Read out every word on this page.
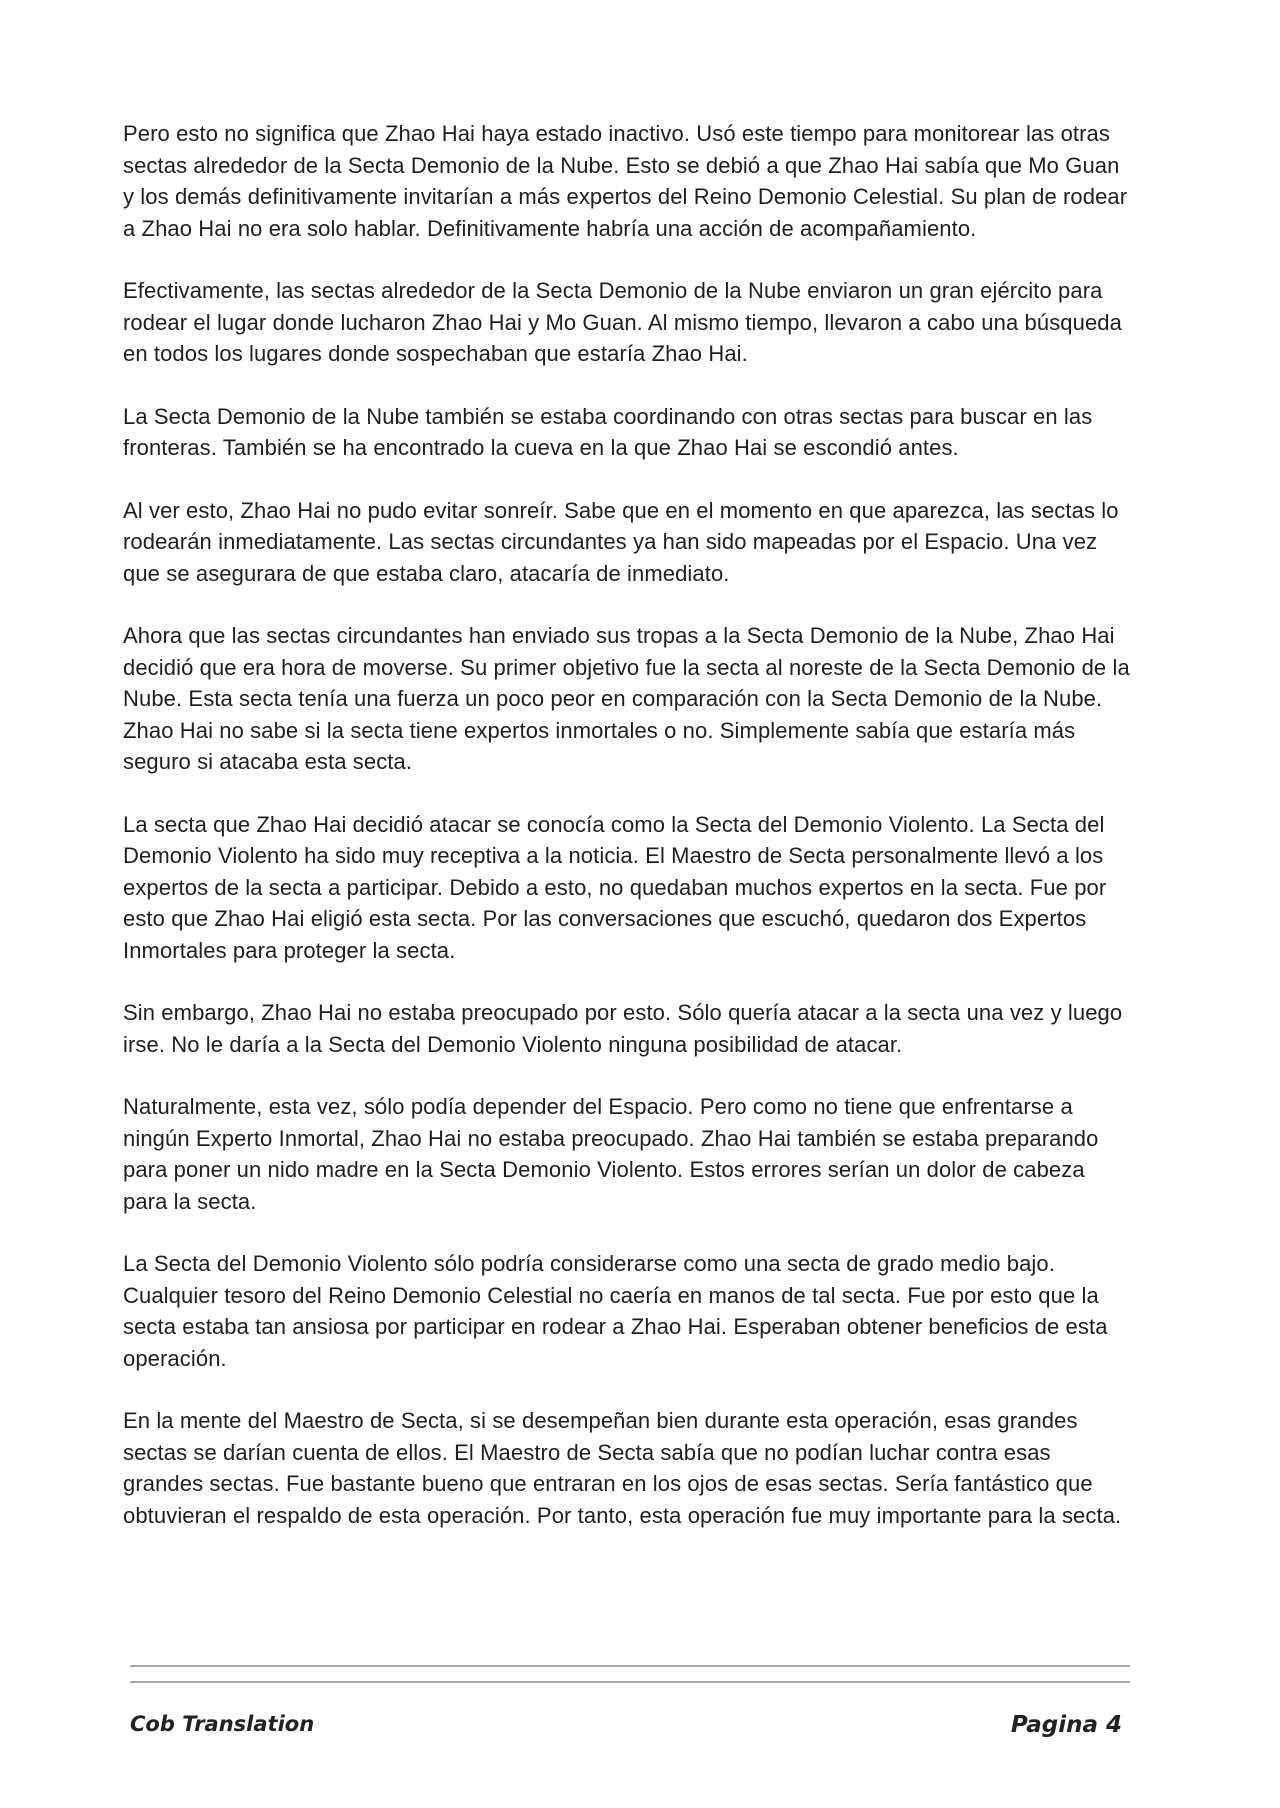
Pero esto no significa que Zhao Hai haya estado inactivo. Usó este tiempo para monitorear las otras sectas alrededor de la Secta Demonio de la Nube. Esto se debió a que Zhao Hai sabía que Mo Guan y los demás definitivamente invitarían a más expertos del Reino Demonio Celestial. Su plan de rodear a Zhao Hai no era solo hablar. Definitivamente habría una acción de acompañamiento.

Efectivamente, las sectas alrededor de la Secta Demonio de la Nube enviaron un gran ejército para rodear el lugar donde lucharon Zhao Hai y Mo Guan. Al mismo tiempo, llevaron a cabo una búsqueda en todos los lugares donde sospechaban que estaría Zhao Hai.

La Secta Demonio de la Nube también se estaba coordinando con otras sectas para buscar en las fronteras. También se ha encontrado la cueva en la que Zhao Hai se escondió antes.

Al ver esto, Zhao Hai no pudo evitar sonreír. Sabe que en el momento en que aparezca, las sectas lo rodearán inmediatamente. Las sectas circundantes ya han sido mapeadas por el Espacio. Una vez que se asegurara de que estaba claro, atacaría de inmediato.

Ahora que las sectas circundantes han enviado sus tropas a la Secta Demonio de la Nube, Zhao Hai decidió que era hora de moverse. Su primer objetivo fue la secta al noreste de la Secta Demonio de la Nube. Esta secta tenía una fuerza un poco peor en comparación con la Secta Demonio de la Nube. Zhao Hai no sabe si la secta tiene expertos inmortales o no. Simplemente sabía que estaría más seguro si atacaba esta secta.

La secta que Zhao Hai decidió atacar se conocía como la Secta del Demonio Violento. La Secta del Demonio Violento ha sido muy receptiva a la noticia. El Maestro de Secta personalmente llevó a los expertos de la secta a participar. Debido a esto, no quedaban muchos expertos en la secta. Fue por esto que Zhao Hai eligió esta secta. Por las conversaciones que escuchó, quedaron dos Expertos Inmortales para proteger la secta.

Sin embargo, Zhao Hai no estaba preocupado por esto. Sólo quería atacar a la secta una vez y luego irse. No le daría a la Secta del Demonio Violento ninguna posibilidad de atacar.

Naturalmente, esta vez, sólo podía depender del Espacio. Pero como no tiene que enfrentarse a ningún Experto Inmortal, Zhao Hai no estaba preocupado. Zhao Hai también se estaba preparando para poner un nido madre en la Secta Demonio Violento. Estos errores serían un dolor de cabeza para la secta.

La Secta del Demonio Violento sólo podría considerarse como una secta de grado medio bajo. Cualquier tesoro del Reino Demonio Celestial no caería en manos de tal secta. Fue por esto que la secta estaba tan ansiosa por participar en rodear a Zhao Hai. Esperaban obtener beneficios de esta operación.

En la mente del Maestro de Secta, si se desempeñan bien durante esta operación, esas grandes sectas se darían cuenta de ellos. El Maestro de Secta sabía que no podían luchar contra esas grandes sectas. Fue bastante bueno que entraran en los ojos de esas sectas. Sería fantástico que obtuvieran el respaldo de esta operación. Por tanto, esta operación fue muy importante para la secta.

Cob Translation	Pagina 4
